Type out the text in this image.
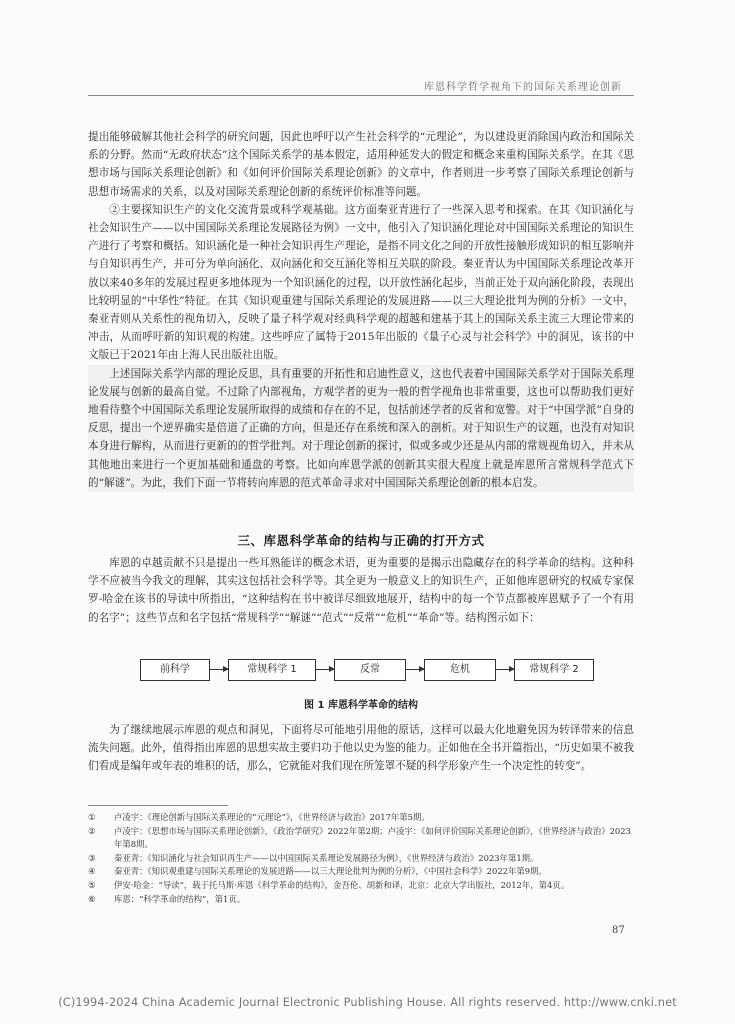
库恩科学哲学视角下的国际关系理论创新

提出能够破解其他社会科学的研究问题，因此也呼吁以产生社会科学的“元理论”，为以建设更消除国内政治和国际关系的分野。然而“无政府状态”这个国际关系学的基本假定，适用种延发大的假定和概念来重构国际关系学。在其《思想市场与国际关系理论创新》和《如何评价国际关系理论创新》的文章中，作者则进一步考察了国际关系理论创新与思想市场需求的关系，以及对国际关系理论创新的系统评价标准等问题。

②主要探知识生产的文化交流背景或科学观基础。这方面秦亚青进行了一些深入思考和探索。在其《知识涵化与社会知识生产——以中国国际关系理论发展路径为例》一文中，他引入了知识涵化理论对中国国际关系理论的知识生产进行了考察和概括。知识涵化是一种社会知识再生产理论，是指不同文化之间的开放性接触形成知识的相互影响并与自知识再生产，并可分为单向涵化、双向涵化和交互涵化等相互关联的阶段。秦亚青认为中国国际关系理论改革开放以来40多年的发展过程更多地体现为一个知识涵化的过程，以开放性涵化起步，当前正处于双向涵化阶段，表现出比较明显的“中华性”特征。在其《知识观重建与国际关系理论的发展进路——以三大理论批判为例的分析》一文中，秦亚青则从关系性的视角切入，反映了量子科学观对经典科学观的超越和建基于其上的国际关系主流三大理论带来的冲击，从而呼吁新的知识观的构建。这些呼应了属特于2015年出版的《量子心灵与社会科学》中的洞见，该书的中文版已于2021年由上海人民出版社出版。

上述国际关系学内部的理论反思，具有重要的开拓性和启迪性意义，这也代表着中国国际关系学对于国际关系理论发展与创新的最高自觉。不过除了内部视角，方观学者的更为一般的哲学视角也非常重要，这也可以帮助我们更好地看待整个中国国际关系理论发展所取得的成绩和存在的不足，包括前述学者的反省和宽警。对于“中国学派”自身的反思，提出一个逆界确实是倍道了正确的方向，但是还存在系统和深入的剖析。对于知识生产的议题，也没有对知识本身进行解构，从而进行更新的的哲学批判。对于理论创新的探讨，似或多或少还是从内部的常规视角切入，并未从其他地出来进行一个更加基础和通盘的考察。比如向库恩学派的创新其实很大程度上就是库恩所言常规科学范式下的“解谜”。为此，我们下面一节将转向库恩的范式革命寻求对中国国际关系理论创新的根本启发。

三、库恩科学革命的结构与正确的打开方式

库恩的卓越贡献不只是提出一些耳熟能详的概念术语，更为重要的是揭示出隐藏存在的科学革命的结构。这种科学不应被当今我文的理解，其实这包括社会科学等。其全更为一般意义上的知识生产，正如他库恩研究的权威专家保罗-哈金在该书的导读中所指出，“这种结构在书中被详尽细致地展开，结构中的每一个节点都被库恩赋予了一个有用的名字”；这些节点和名字包括“常规科学”“解谜”“范式”“反常”“危机”“革命”等。结构图示如下：

前科学	常规科学 1	反常	危机	常规科学 2
图 1 库恩科学革命的结构

为了继续地展示库恩的观点和洞见，下面将尽可能地引用他的原话，这样可以最大化地避免因为转译带来的信息流失问题。此外，值得指出库恩的思想实故主要归功于他以史为鉴的能力。正如他在全书开篇指出，“历史如果不被我们看成是编年或年表的堆积的话，那么，它就能对我们现在所笼罩不疑的科学形象产生一个决定性的转变”。

①	卢凌宇：《理论创新与国际关系理论的“元理论”》，《世界经济与政治》2017年第5期。
②	卢凌宇：《思想市场与国际关系理论创新》，《政治学研究》2022年第2期；卢凌宇：《如何评价国际关系理论创新》，《世界经济与政治》2023年第8期。
③	秦亚青：《知识涵化与社会知识再生产——以中国国际关系理论发展路径为例》，《世界经济与政治》2023年第1期。
④	秦亚青：《知识观重建与国际关系理论的发展进路——以三大理论批判为例的分析》，《中国社会科学》2022年第9期。
⑤	伊安·哈金：“导读”，载于托马斯·库恩《科学革命的结构》，金吾伦、胡新和译，北京：北京大学出版社，2012年，第4页。
⑥	库恩：“科学革命的结构”，第1页。
87
(C)1994-2024 China Academic Journal Electronic Publishing House. All rights reserved. http://www.cnki.net
